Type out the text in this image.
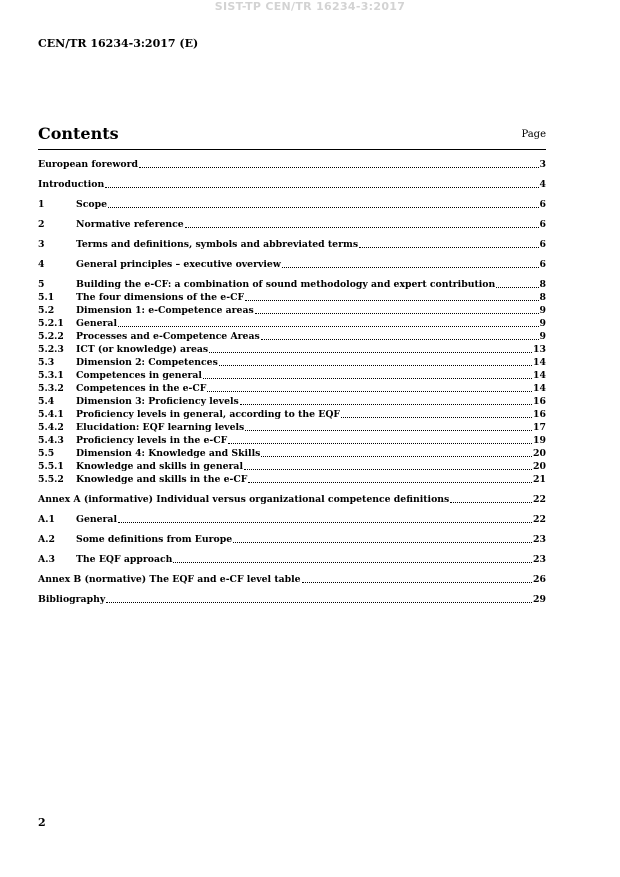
SIST-TP CEN/TR 16234-3:2017
CEN/TR 16234-3:2017 (E)
Contents	Page
European foreword	3
Introduction	4
1	Scope	6
2	Normative reference	6
3	Terms and definitions, symbols and abbreviated terms	6
4	General principles – executive overview	6
5	Building the e-CF: a combination of sound methodology and expert contribution	8
5.1	The four dimensions of the e-CF	8
5.2	Dimension 1: e-Competence areas	9
5.2.1	General	9
5.2.2	Processes and e-Competence Areas	9
5.2.3	ICT (or knowledge) areas	13
5.3	Dimension 2: Competences	14
5.3.1	Competences in general	14
5.3.2	Competences in the e-CF	14
5.4	Dimension 3: Proficiency levels	16
5.4.1	Proficiency levels in general, according to the EQF	16
5.4.2	Elucidation: EQF learning levels	17
5.4.3	Proficiency levels in the e-CF	19
5.5	Dimension 4: Knowledge and Skills	20
5.5.1	Knowledge and skills in general	20
5.5.2	Knowledge and skills in the e-CF	21
Annex A (informative) Individual versus organizational competence definitions	22
A.1	General	22
A.2	Some definitions from Europe	23
A.3	The EQF approach	23
Annex B (normative) The EQF and e-CF level table	26
Bibliography	29
2
